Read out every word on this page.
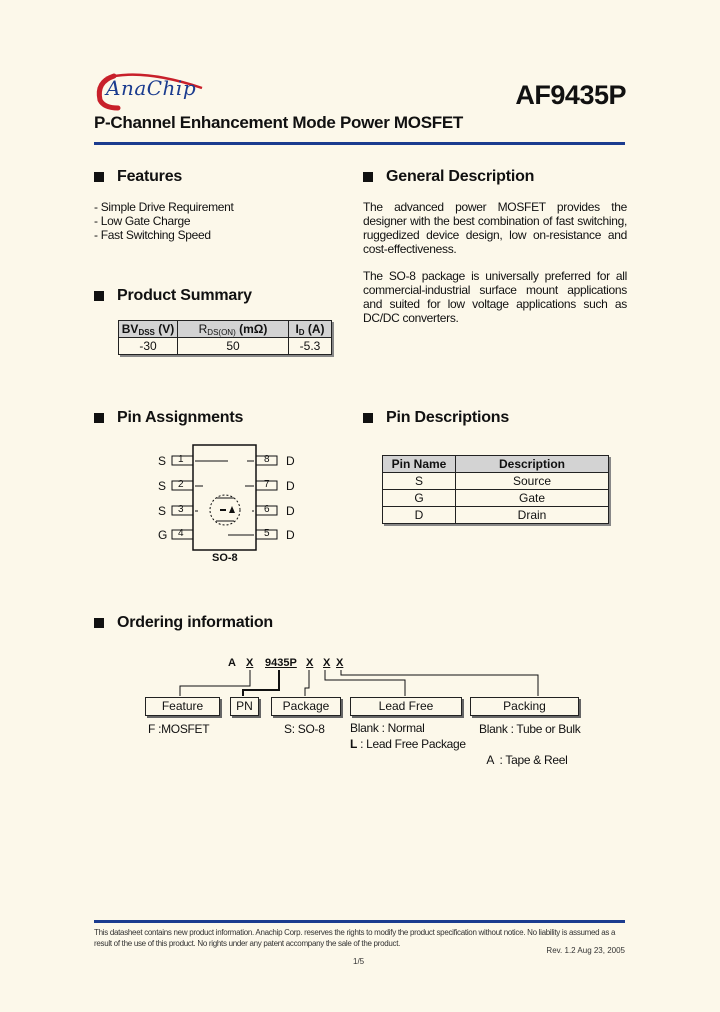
AnaChip	AF9435P
P-Channel Enhancement Mode Power MOSFET
Features
- Simple Drive Requirement
- Low Gate Charge
- Fast Switching Speed
General Description

The advanced power MOSFET provides the designer with the best combination of fast switching, ruggedized device design, low on-resistance and cost-effectiveness.

The SO-8 package is universally preferred for all commercial-industrial surface mount applications and suited for low voltage applications such as DC/DC converters.

Product Summary
$BV_{DSS}$ (V)	$R_{DS(ON)}$ (mΩ)	$I_D$ (A)
-30	50	-5.3
Pin Assignments
S
S
S
G
1
2
3
4
8
7
6
5
D
D
D
D
SO-8
Pin Descriptions
Pin Name	Description
S	Source
G	Gate
D	Drain
Ordering information
A X 9435P X X X
Feature	PN	Package	Lead Free	Packing
F :MOSFET	S: SO-8 Blank : Normal
L : Lead Free Package
Blank : Tube or Bulk

A  : Tape & Reel

This datasheet contains new product information. Anachip Corp. reserves the rights to modify the product specification without notice. No liability is assumed as a result of the use of this product. No rights under any patent accompany the sale of the product.
Rev. 1.2 Aug 23, 2005
1/5
